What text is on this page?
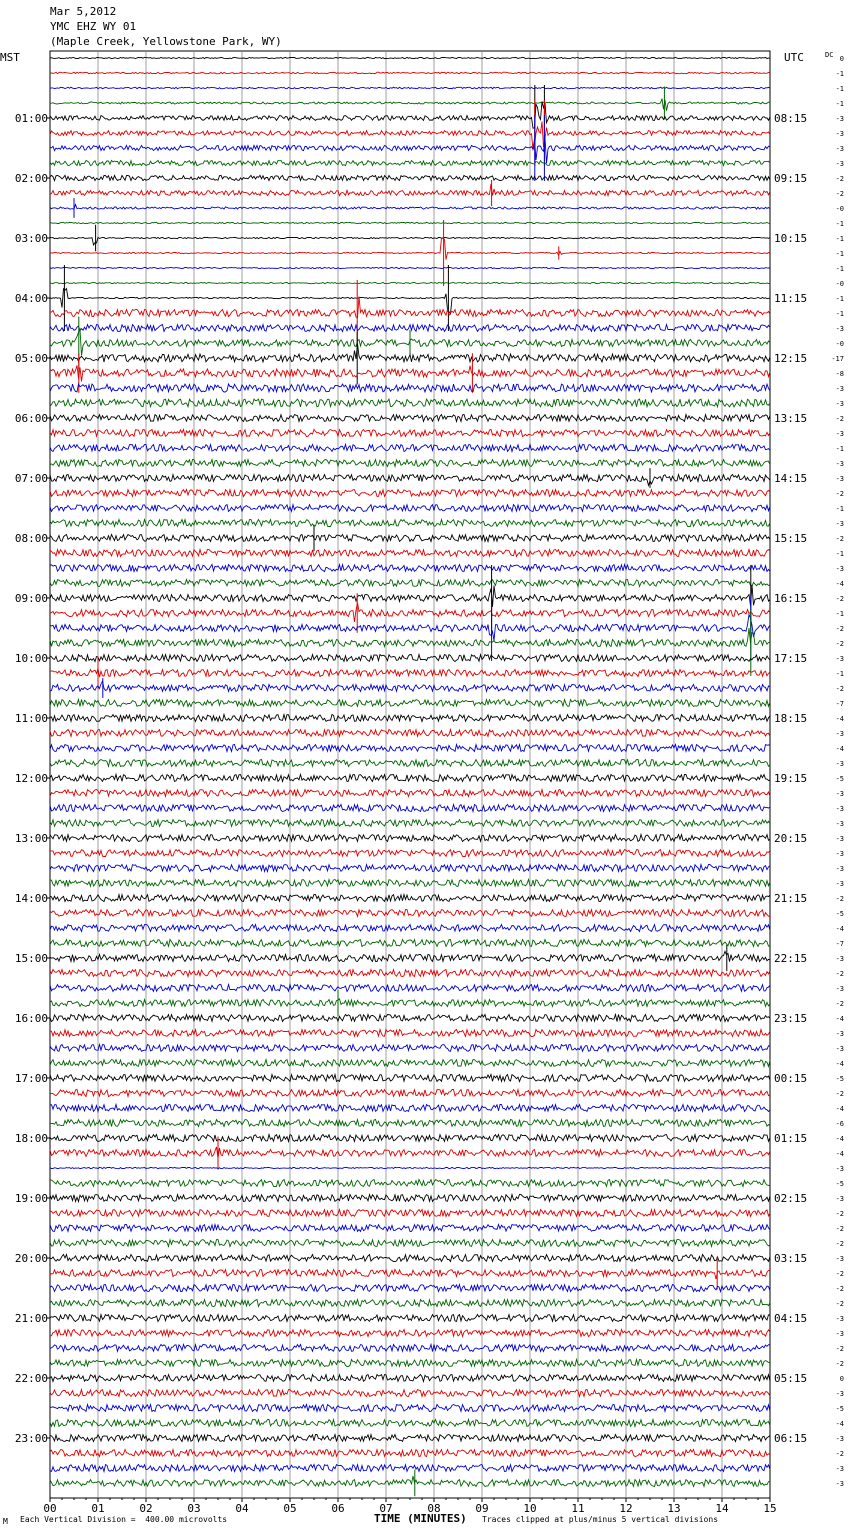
Mar 5,2012
YMC EHZ WY 01
(Maple Creek, Yellowstone Park, WY)
0
-1
-1
-1
-3
-3
-3
-3
-2
-2
-0
-1
-1
-1
-1
-0
-1
-1
-3
-0
-17
-8
-3
-3
-2
-3
-1
-3
-3
-2
-1
-3
-2
-1
-3
-4
-2
-1
-2
-2
-3
-1
-2
-7
-4
-3
-4
-3
-5
-3
-3
-3
-3
-3
-3
-3
-2
-5
-4
-7
-3
-2
-3
-2
-4
-3
-3
-4
-5
-2
-4
-6
-4
-4
-3
-5
-3
-2
-2
-2
-3
-2
-2
-2
-3
-3
-2
-2
0
-3
-5
-4
-3
-2
-3
-3
01:00
02:00
03:00
04:00
05:00
06:00
07:00
08:00
09:00
10:00
11:00
12:00
13:00
14:00
15:00
16:00
17:00
18:00
19:00
20:00
21:00
22:00
23:00
08:15
09:15
10:15
11:15
12:15
13:15
14:15
15:15
16:15
17:15
18:15
19:15
20:15
21:15
22:15
23:15
00:15
01:15
02:15
03:15
04:15
05:15
06:15
MST	UTC	DC
00	01	02	03	04	05	06	07	08	09	10	11	12	13	14	15
M Each Vertical Division =  400.00 microvolts	TIME (MINUTES) Traces clipped at plus/minus 5 vertical divisions
